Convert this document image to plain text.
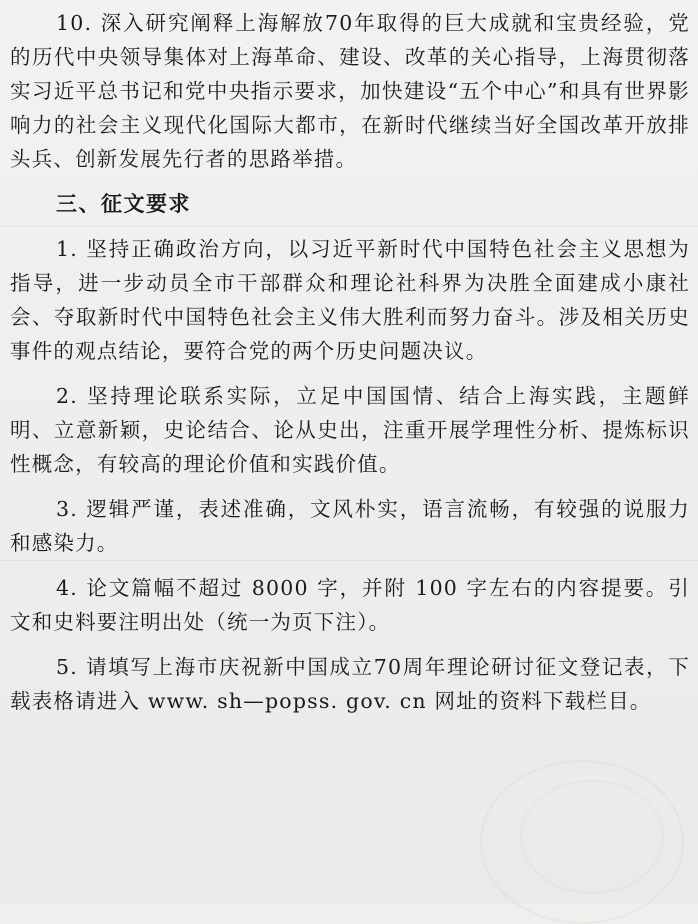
10. 深入研究阐释上海解放70年取得的巨大成就和宝贵经验，党的历代中央领导集体对上海革命、建设、改革的关心指导，上海贯彻落实习近平总书记和党中央指示要求，加快建设“五个中心”和具有世界影响力的社会主义现代化国际大都市，在新时代继续当好全国改革开放排头兵、创新发展先行者的思路举措。

三、征文要求

1. 坚持正确政治方向，以习近平新时代中国特色社会主义思想为指导，进一步动员全市干部群众和理论社科界为决胜全面建成小康社会、夺取新时代中国特色社会主义伟大胜利而努力奋斗。涉及相关历史事件的观点结论，要符合党的两个历史问题决议。

2. 坚持理论联系实际，立足中国国情、结合上海实践，主题鲜明、立意新颖，史论结合、论从史出，注重开展学理性分析、提炼标识性概念，有较高的理论价值和实践价值。

3. 逻辑严谨，表述准确，文风朴实，语言流畅，有较强的说服力和感染力。

4. 论文篇幅不超过 8000 字，并附 100 字左右的内容提要。引文和史料要注明出处（统一为页下注）。

5. 请填写上海市庆祝新中国成立70周年理论研讨征文登记表，下载表格请进入 www. sh—popss. gov. cn 网址的资料下载栏目。
